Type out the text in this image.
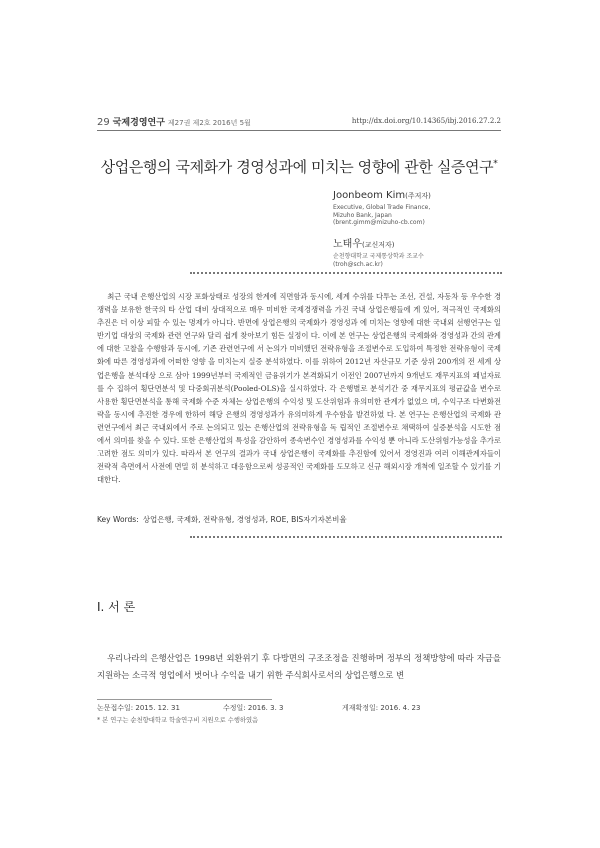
29 국제경영연구 제27권 제2호 2016년 5월	http://dx.doi.org/10.14365/ibj.2016.27.2.2
상업은행의 국제화가 경영성과에 미치는 영향에 관한 실증연구*
Joonbeom Kim(주저자)
Executive, Global Trade Finance,
Mizuho Bank, Japan
(brent.gimm@mizuho-cb.com)
노태우(교신저자)
순천향대학교 국제통상학과 조교수
(troh@sch.ac.kr)
최근 국내 은행산업의 시장 포화상태로 성장의 한계에 직면함과 동시에, 세계 수위를 다투는 조선, 건설, 자동차 등 우수한 경쟁력을 보유한 한국의 타 산업 대비 상대적으로 매우 미비한 국제경쟁력을 가진 국내 상업은행들에 게 있어, 적극적인 국제화의 추진은 더 이상 피할 수 있는 명제가 아니다. 반면에 상업은행의 국제화가 경영성과 에 미치는 영향에 대한 국내외 선행연구는 일반기업 대상의 국제화 관련 연구와 달리 쉽게 찾아보기 힘든 실정이 다. 이에 본 연구는 상업은행의 국제화와 경영성과 간의 관계에 대한 고찰을 수행함과 동시에, 기존 관련연구에 서 논의가 미비했던 전략유형을 조절변수로 도입하여 특정한 전략유형이 국제화에 따른 경영성과에 어떠한 영향 을 미치는지 실증 분석하였다. 이를 위하여 2012년 자산규모 기준 상위 200개의 전 세계 상업은행을 분석대상 으로 삼아 1999년부터 국제적인 금융위기가 본격화되기 이전인 2007년까지 9개년도 재무지표의 패널자료를 수 집하여 횡단면분석 및 다중회귀분석(Pooled-OLS)을 실시하였다. 각 은행별로 분석기간 중 재무지표의 평균값을 변수로 사용한 횡단면분석을 통해 국제화 수준 자체는 상업은행의 수익성 및 도산위험과 유의미한 관계가 없었으 며, 수익구조 다변화전략을 동시에 추진한 경우에 한하여 해당 은행의 경영성과가 유의미하게 우수함을 발견하였 다. 본 연구는 은행산업의 국제화 관련연구에서 최근 국내외에서 주로 논의되고 있는 은행산업의 전략유형을 독 립적인 조절변수로 채택하여 실증분석을 시도한 점에서 의미를 찾을 수 있다. 또한 은행산업의 특성을 감안하여 종속변수인 경영성과를 수익성 뿐 아니라 도산위험가능성을 추가로 고려한 점도 의미가 있다. 따라서 본 연구의 결과가 국내 상업은행이 국제화를 추진함에 있어서 경영진과 여러 이해관계자들이 전략적 측면에서 사전에 면밀 히 분석하고 대응함으로써 성공적인 국제화를 도모하고 신규 해외시장 개척에 일조할 수 있기를 기대한다.
Key Words: 상업은행, 국제화, 전략유형, 경영성과, ROE, BIS자기자본비율
Ⅰ. 서 론
우리나라의 은행산업은 1998년 외환위기 후 다방면의 구조조정을 진행하며 정부의 정책방향에 따라 자금을 지원하는 소극적 영업에서 벗어나 수익을 내기 위한 주식회사로서의 상업은행으로 변
논문접수일: 2015. 12. 31	수정일: 2016. 3. 3	게재확정일: 2016. 4. 23
* 본 연구는 순천향대학교 학술연구비 지원으로 수행하였음
